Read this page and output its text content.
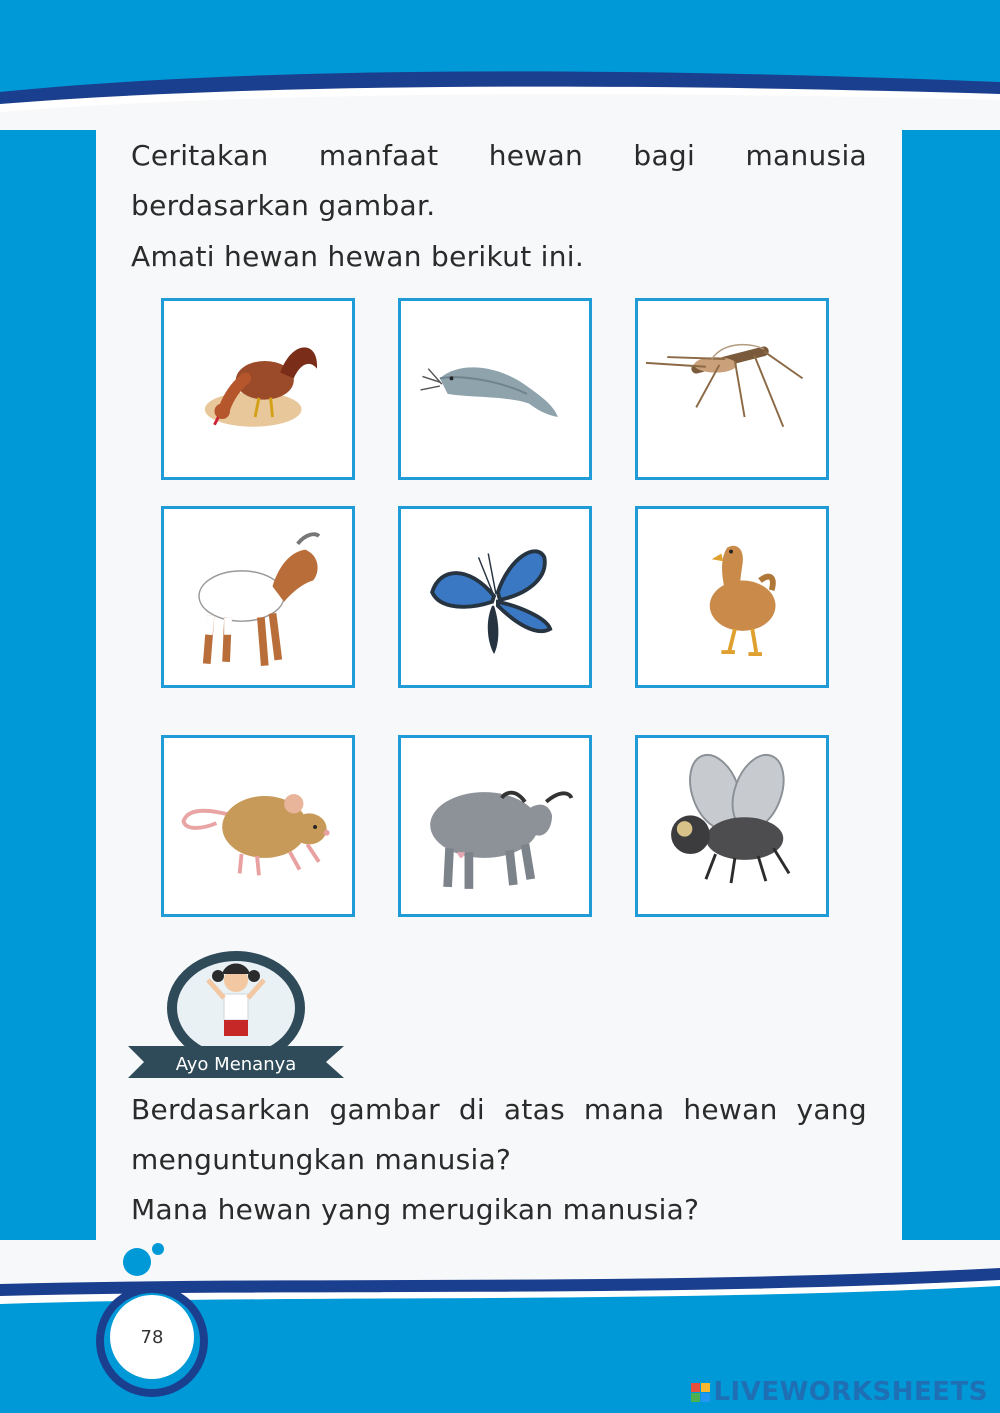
Ceritakan manfaat hewan bagi manusia
berdasarkan gambar.
Amati hewan hewan berikut ini.
Ayo Menanya
Berdasarkan gambar di atas mana hewan yang
menguntungkan manusia?
Mana hewan yang merugikan manusia?
78
LIVEWORKSHEETS
